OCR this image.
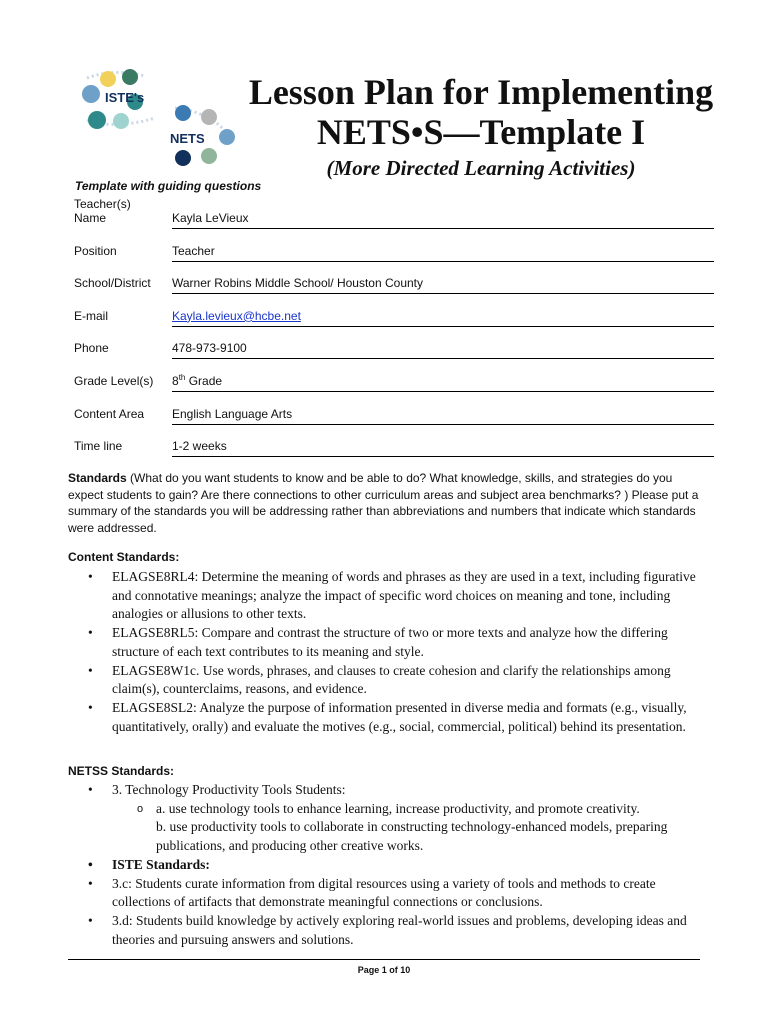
ISTE's
NETS
Lesson Plan for Implementing
NETS•S—Template I
(More Directed Learning Activities)
Template with guiding questions
Teacher(s)
Name	Kayla LeVieux
Position	Teacher
School/District Warner Robins Middle School/ Houston County
E-mail	Kayla.levieux@hcbe.net
Phone	478-973-9100
Grade Level(s) 8th Grade
Content Area English Language Arts
Time line	1-2 weeks
Standards (What do you want students to know and be able to do? What knowledge, skills, and strategies do you expect students to gain? Are there connections to other curriculum areas and subject area benchmarks? ) Please put a summary of the standards you will be addressing rather than abbreviations and numbers that indicate which standards were addressed.
Content Standards:
• ELAGSE8RL4: Determine the meaning of words and phrases as they are used in a text, including figurative and connotative meanings; analyze the impact of specific word choices on meaning and tone, including analogies or allusions to other texts.
• ELAGSE8RL5: Compare and contrast the structure of two or more texts and analyze how the differing structure of each text contributes to its meaning and style.
• ELAGSE8W1c. Use words, phrases, and clauses to create cohesion and clarify the relationships among claim(s), counterclaims, reasons, and evidence.
• ELAGSE8SL2: Analyze the purpose of information presented in diverse media and formats (e.g., visually, quantitatively, orally) and evaluate the motives (e.g., social, commercial, political) behind its presentation.
NETSS Standards:
• 3. Technology Productivity Tools Students:
o a. use technology tools to enhance learning, increase productivity, and promote creativity.
b. use productivity tools to collaborate in constructing technology-enhanced models, preparing publications, and producing other creative works.
• ISTE Standards:
• 3.c: Students curate information from digital resources using a variety of tools and methods to create collections of artifacts that demonstrate meaningful connections or conclusions.
• 3.d: Students build knowledge by actively exploring real-world issues and problems, developing ideas and theories and pursuing answers and solutions.
Page 1 of 10
